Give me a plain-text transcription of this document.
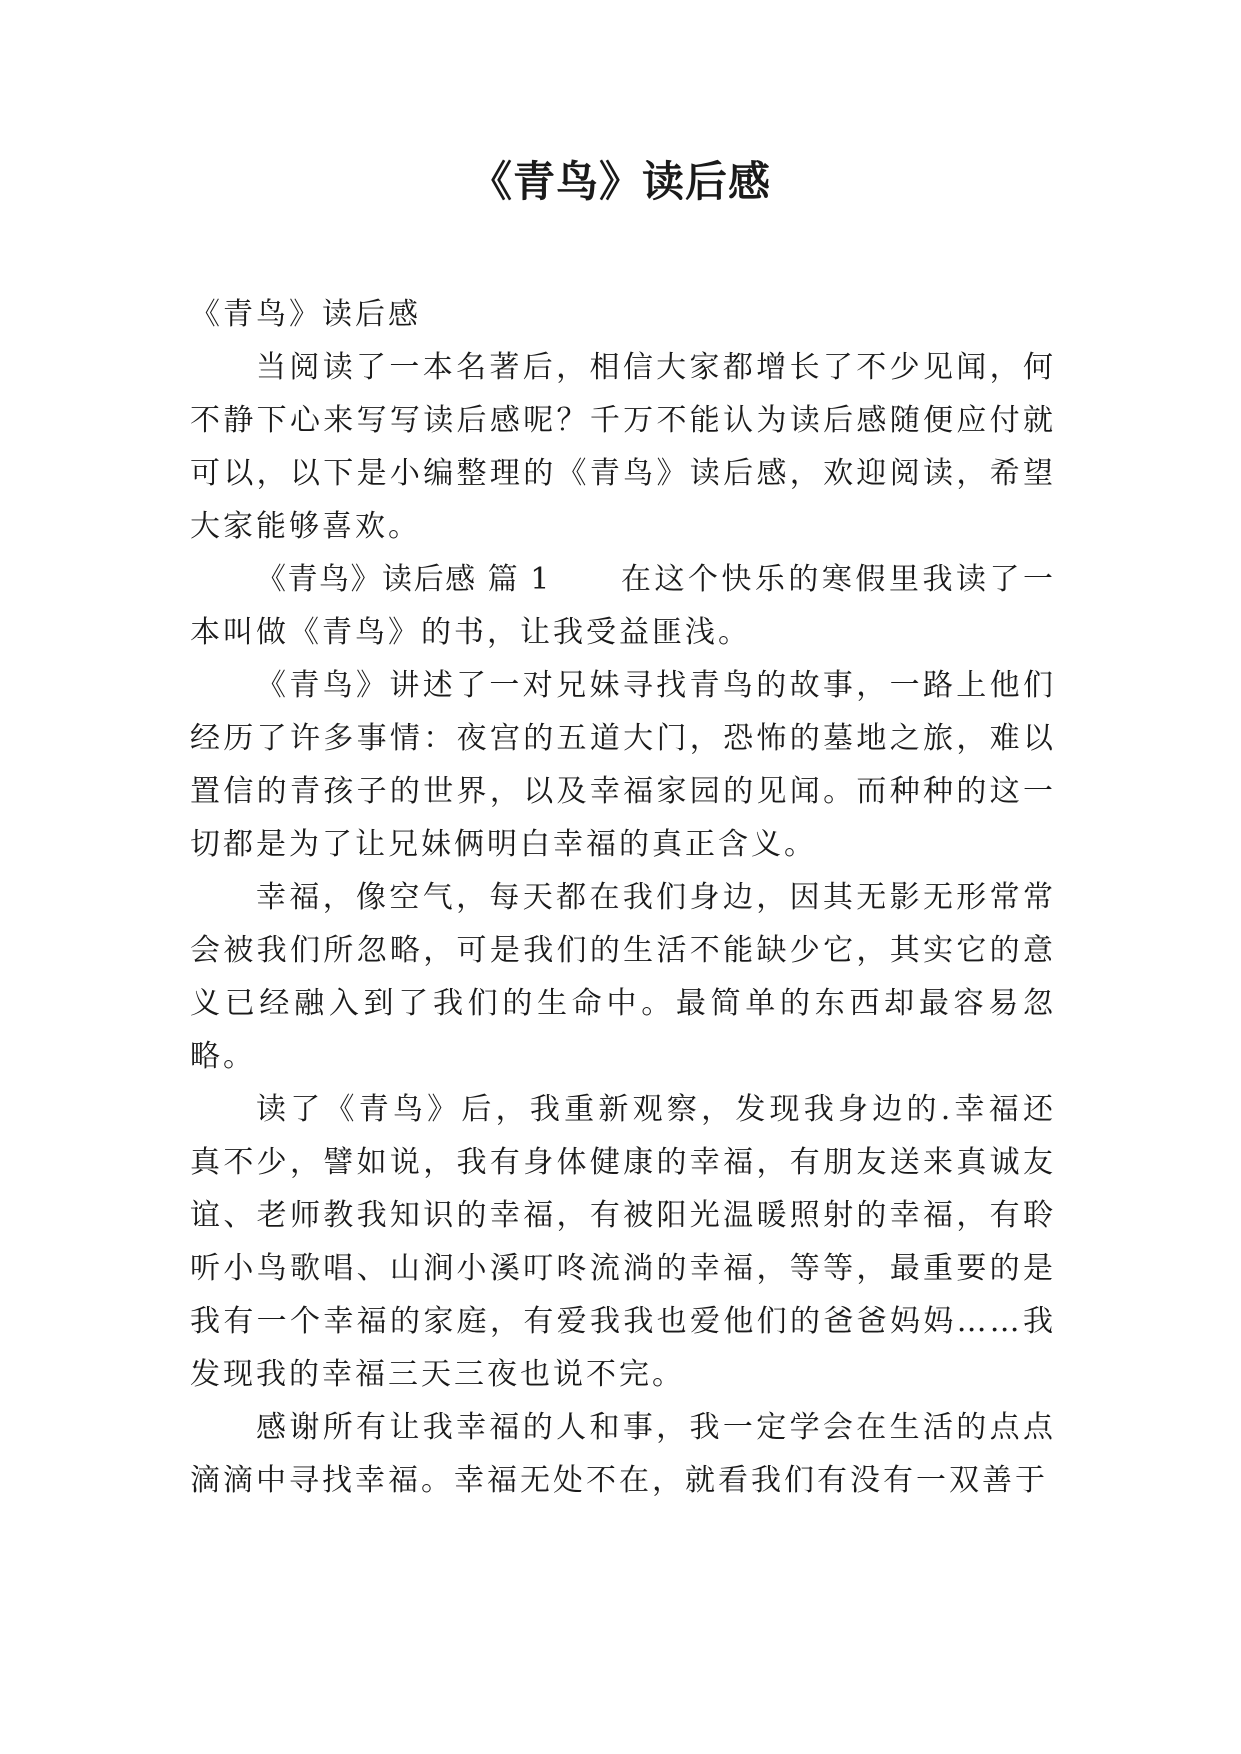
《青鸟》读后感

《青鸟》读后感

当阅读了一本名著后，相信大家都增长了不少见闻，何不静下心来写写读后感呢？千万不能认为读后感随便应付就可以，以下是小编整理的《青鸟》读后感，欢迎阅读，希望大家能够喜欢。

《青鸟》读后感 篇 1 在这个快乐的寒假里我读了一本叫做《青鸟》的书，让我受益匪浅。

《青鸟》讲述了一对兄妹寻找青鸟的故事，一路上他们经历了许多事情：夜宫的五道大门，恐怖的墓地之旅，难以置信的青孩子的世界，以及幸福家园的见闻。而种种的这一切都是为了让兄妹俩明白幸福的真正含义。

幸福，像空气，每天都在我们身边，因其无影无形常常会被我们所忽略，可是我们的生活不能缺少它，其实它的意义已经融入到了我们的生命中。最简单的东西却最容易忽略。

读了《青鸟》后，我重新观察，发现我身边的.幸福还真不少，譬如说，我有身体健康的幸福，有朋友送来真诚友谊、老师教我知识的幸福，有被阳光温暖照射的幸福，有聆听小鸟歌唱、山涧小溪叮咚流淌的幸福，等等，最重要的是我有一个幸福的家庭，有爱我我也爱他们的爸爸妈妈……我发现我的幸福三天三夜也说不完。

感谢所有让我幸福的人和事，我一定学会在生活的点点滴滴中寻找幸福。幸福无处不在，就看我们有没有一双善于
